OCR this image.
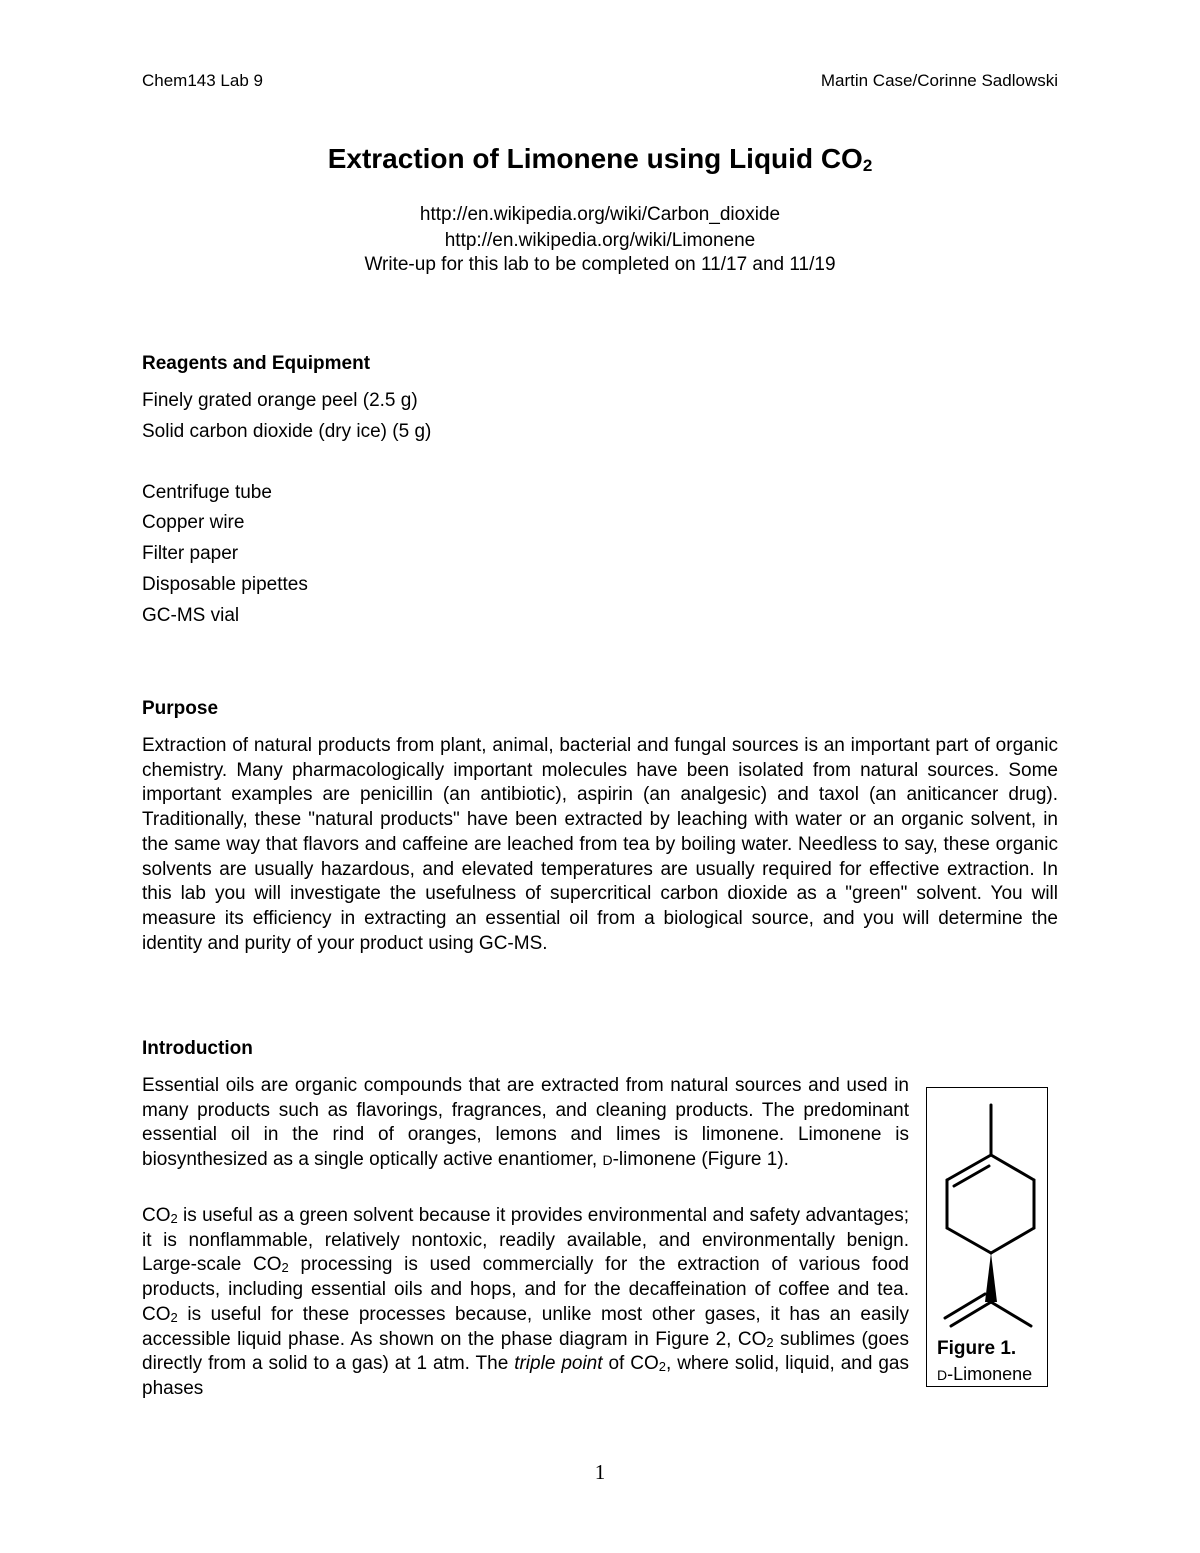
Chem143 Lab 9	Martin Case/Corinne Sadlowski
Extraction of Limonene using Liquid $CO_2$
http://en.wikipedia.org/wiki/Carbon_dioxide
http://en.wikipedia.org/wiki/Limonene
Write-up for this lab to be completed on 11/17 and 11/19
Reagents and Equipment
Finely grated orange peel (2.5 g)
Solid carbon dioxide (dry ice) (5 g)
Centrifuge tube
Copper wire
Filter paper
Disposable pipettes
GC-MS vial
Purpose

Extraction of natural products from plant, animal, bacterial and fungal sources is an important part of organic chemistry. Many pharmacologically important molecules have been isolated from natural sources. Some important examples are penicillin (an antibiotic), aspirin (an analgesic) and taxol (an aniticancer drug). Traditionally, these "natural products" have been extracted by leaching with water or an organic solvent, in the same way that flavors and caffeine are leached from tea by boiling water. Needless to say, these organic solvents are usually hazardous, and elevated temperatures are usually required for effective extraction. In this lab you will investigate the usefulness of supercritical carbon dioxide as a "green" solvent. You will measure its efficiency in extracting an essential oil from a biological source, and you will determine the identity and purity of your product using GC-MS.

Introduction

Essential oils are organic compounds that are extracted from natural sources and used in many products such as flavorings, fragrances, and cleaning products. The predominant essential oil in the rind of oranges, lemons and limes is limonene. Limonene is biosynthesized as a single optically active enantiomer, D-limonene (Figure 1).

$CO_2$ is useful as a green solvent because it provides environmental and safety advantages; it is nonflammable, relatively nontoxic, readily available, and environmentally benign. Large-scale $CO_2$ processing is used commercially for the extraction of various food products, including essential oils and hops, and for the decaffeination of coffee and tea. $CO_2$ is useful for these processes because, unlike most other gases, it has an easily accessible liquid phase. As shown on the phase diagram in Figure 2, $CO_2$ sublimes (goes directly from a solid to a gas) at 1 atm. The triple point of $CO_2$, where solid, liquid, and gas phases

Figure 1.
D-Limonene
1
